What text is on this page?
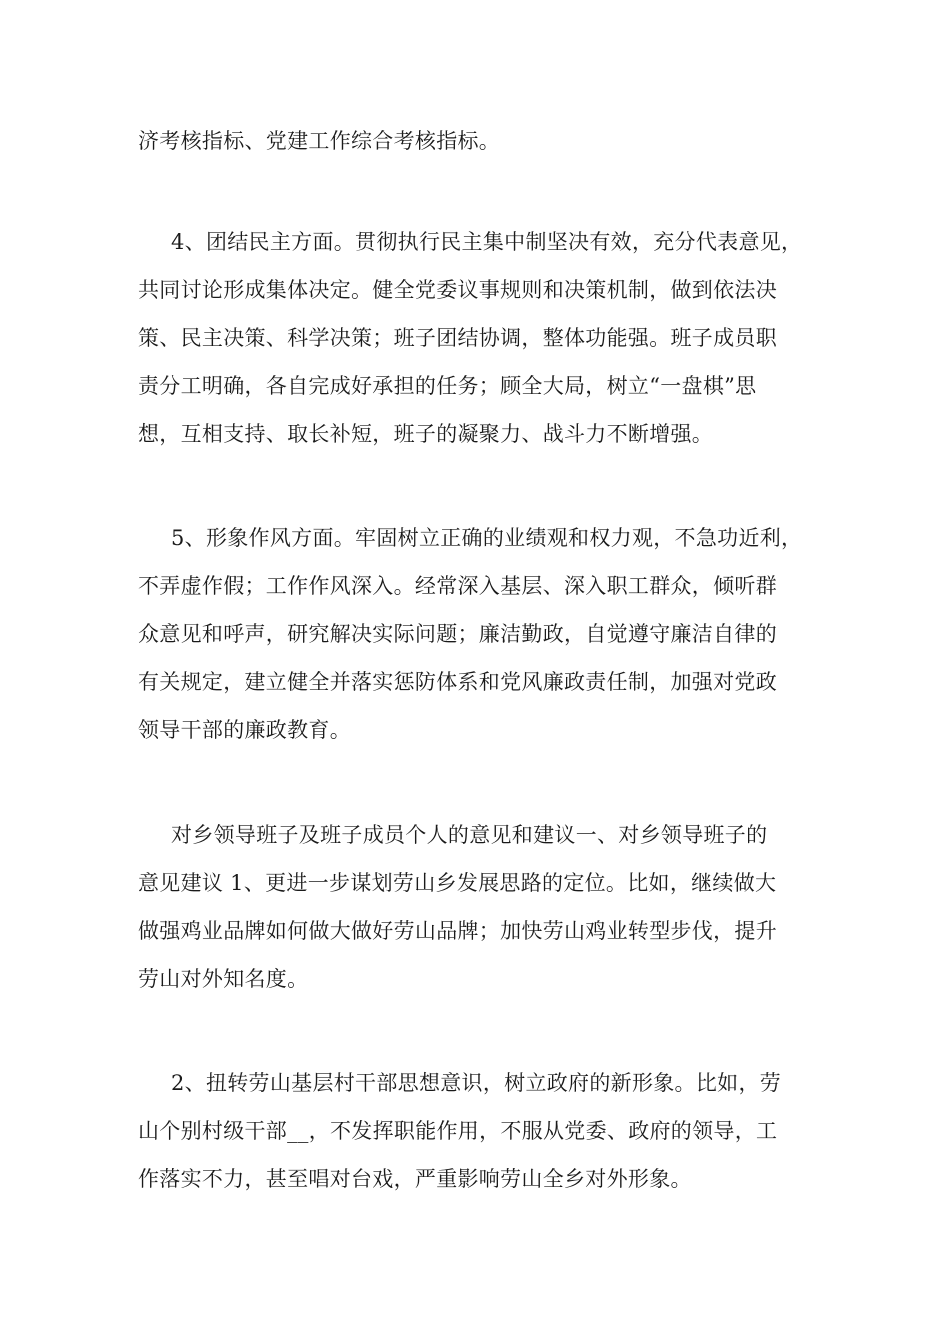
济考核指标、党建工作综合考核指标。

4、团结民主方面。贯彻执行民主集中制坚决有效，充分代表意见，
共同讨论形成集体决定。健全党委议事规则和决策机制，做到依法决
策、民主决策、科学决策；班子团结协调，整体功能强。班子成员职
责分工明确，各自完成好承担的任务；顾全大局，树立“一盘棋”思
想，互相支持、取长补短，班子的凝聚力、战斗力不断增强。

5、形象作风方面。牢固树立正确的业绩观和权力观，不急功近利，
不弄虚作假；工作作风深入。经常深入基层、深入职工群众，倾听群
众意见和呼声，研究解决实际问题；廉洁勤政，自觉遵守廉洁自律的
有关规定，建立健全并落实惩防体系和党风廉政责任制，加强对党政
领导干部的廉政教育。

对乡领导班子及班子成员个人的意见和建议一、对乡领导班子的
意见建议 1、更进一步谋划劳山乡发展思路的定位。比如，继续做大
做强鸡业品牌如何做大做好劳山品牌；加快劳山鸡业转型步伐，提升
劳山对外知名度。

2、扭转劳山基层村干部思想意识，树立政府的新形象。比如，劳
山个别村级干部__，不发挥职能作用，不服从党委、政府的领导，工
作落实不力，甚至唱对台戏，严重影响劳山全乡对外形象。
